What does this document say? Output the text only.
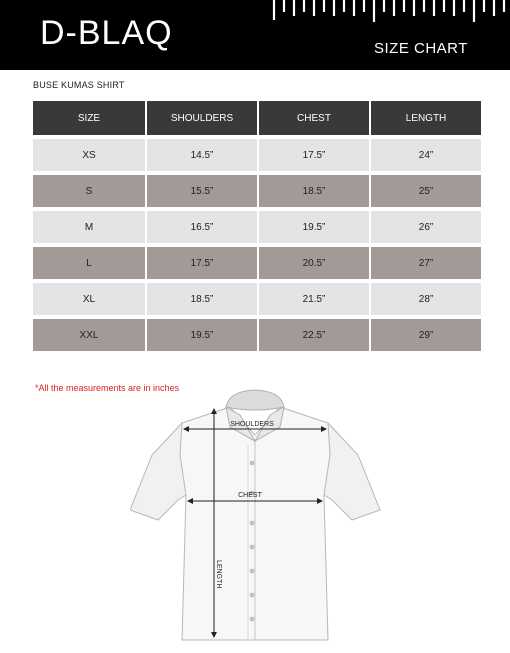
D-BLAQ	SIZE CHART
BUSE KUMAS SHIRT
SIZE	SHOULDERS	CHEST	LENGTH
XS	14.5”	17.5”	24”
S	15.5”	18.5”	25”
M	16.5”	19.5”	26”
L	17.5”	20.5”	27”
XL	18.5”	21.5”	28”
XXL	19.5”	22.5”	29”
*All the measurements are in inches
SHOULDERS
CHEST
LENGTH
